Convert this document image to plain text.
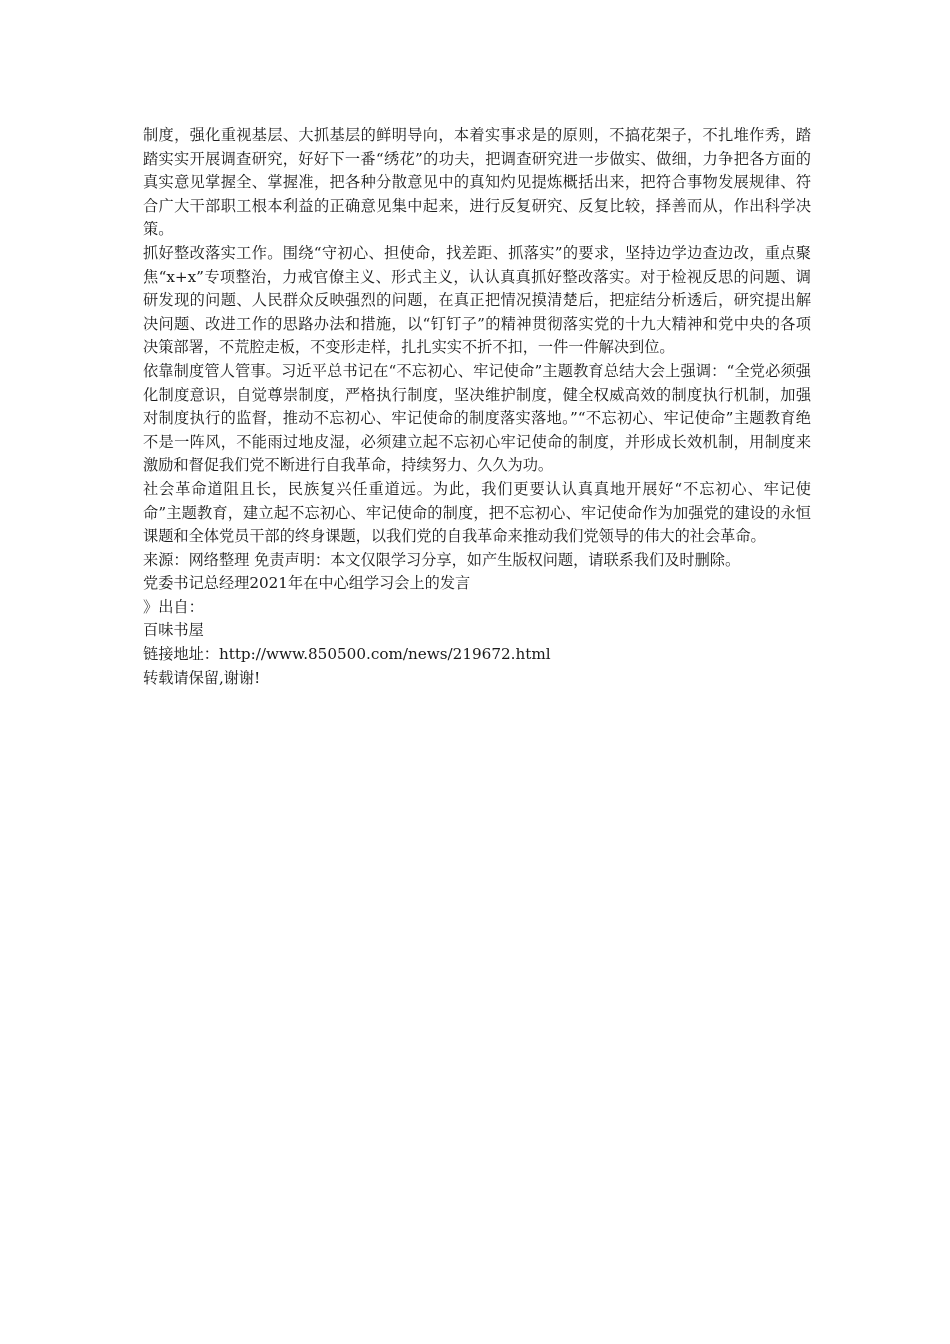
制度，强化重视基层、大抓基层的鲜明导向，本着实事求是的原则，不搞花架子，不扎堆作秀，踏踏实实开展调查研究，好好下一番“绣花”的功夫，把调查研究进一步做实、做细，力争把各方面的真实意见掌握全、掌握准，把各种分散意见中的真知灼见提炼概括出来，把符合事物发展规律、符合广大干部职工根本利益的正确意见集中起来，进行反复研究、反复比较，择善而从，作出科学决策。

抓好整改落实工作。围绕“守初心、担使命，找差距、抓落实”的要求，坚持边学边查边改，重点聚焦“x+x”专项整治，力戒官僚主义、形式主义，认认真真抓好整改落实。对于检视反思的问题、调研发现的问题、人民群众反映强烈的问题，在真正把情况摸清楚后，把症结分析透后，研究提出解决问题、改进工作的思路办法和措施，以“钉钉子”的精神贯彻落实党的十九大精神和党中央的各项决策部署，不荒腔走板，不变形走样，扎扎实实不折不扣，一件一件解决到位。

依靠制度管人管事。习近平总书记在“不忘初心、牢记使命”主题教育总结大会上强调：“全党必须强化制度意识，自觉尊崇制度，严格执行制度，坚决维护制度，健全权威高效的制度执行机制，加强对制度执行的监督，推动不忘初心、牢记使命的制度落实落地。”“不忘初心、牢记使命”主题教育绝不是一阵风，不能雨过地皮湿，必须建立起不忘初心牢记使命的制度，并形成长效机制，用制度来激励和督促我们党不断进行自我革命，持续努力、久久为功。

社会革命道阻且长，民族复兴任重道远。为此，我们更要认认真真地开展好“不忘初心、牢记使命”主题教育，建立起不忘初心、牢记使命的制度，把不忘初心、牢记使命作为加强党的建设的永恒课题和全体党员干部的终身课题，以我们党的自我革命来推动我们党领导的伟大的社会革命。

来源：网络整理 免责声明：本文仅限学习分享，如产生版权问题，请联系我们及时删除。

党委书记总经理2021年在中心组学习会上的发言

》出自：

百味书屋

链接地址：http://www.850500.com/news/219672.html

转载请保留,谢谢!
